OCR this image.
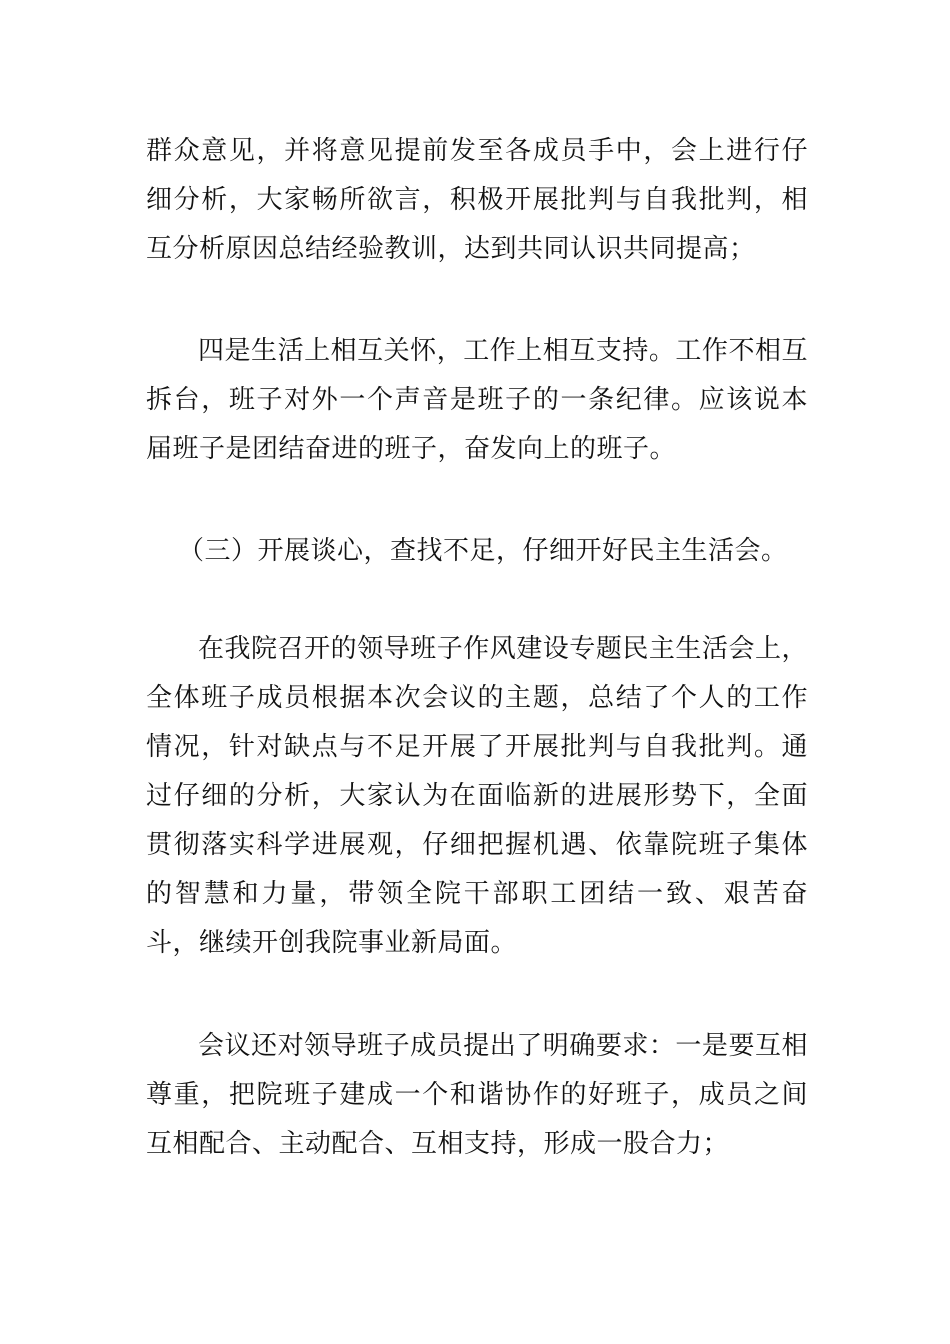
群众意见，并将意见提前发至各成员手中，会上进行仔细分析，大家畅所欲言，积极开展批判与自我批判，相互分析原因总结经验教训，达到共同认识共同提高；

四是生活上相互关怀，工作上相互支持。工作不相互拆台，班子对外一个声音是班子的一条纪律。应该说本届班子是团结奋进的班子，奋发向上的班子。

（三）开展谈心，查找不足，仔细开好民主生活会。

在我院召开的领导班子作风建设专题民主生活会上，全体班子成员根据本次会议的主题，总结了个人的工作情况，针对缺点与不足开展了开展批判与自我批判。通过仔细的分析，大家认为在面临新的进展形势下，全面贯彻落实科学进展观，仔细把握机遇、依靠院班子集体的智慧和力量，带领全院干部职工团结一致、艰苦奋斗，继续开创我院事业新局面。

会议还对领导班子成员提出了明确要求：一是要互相尊重，把院班子建成一个和谐协作的好班子，成员之间互相配合、主动配合、互相支持，形成一股合力；
